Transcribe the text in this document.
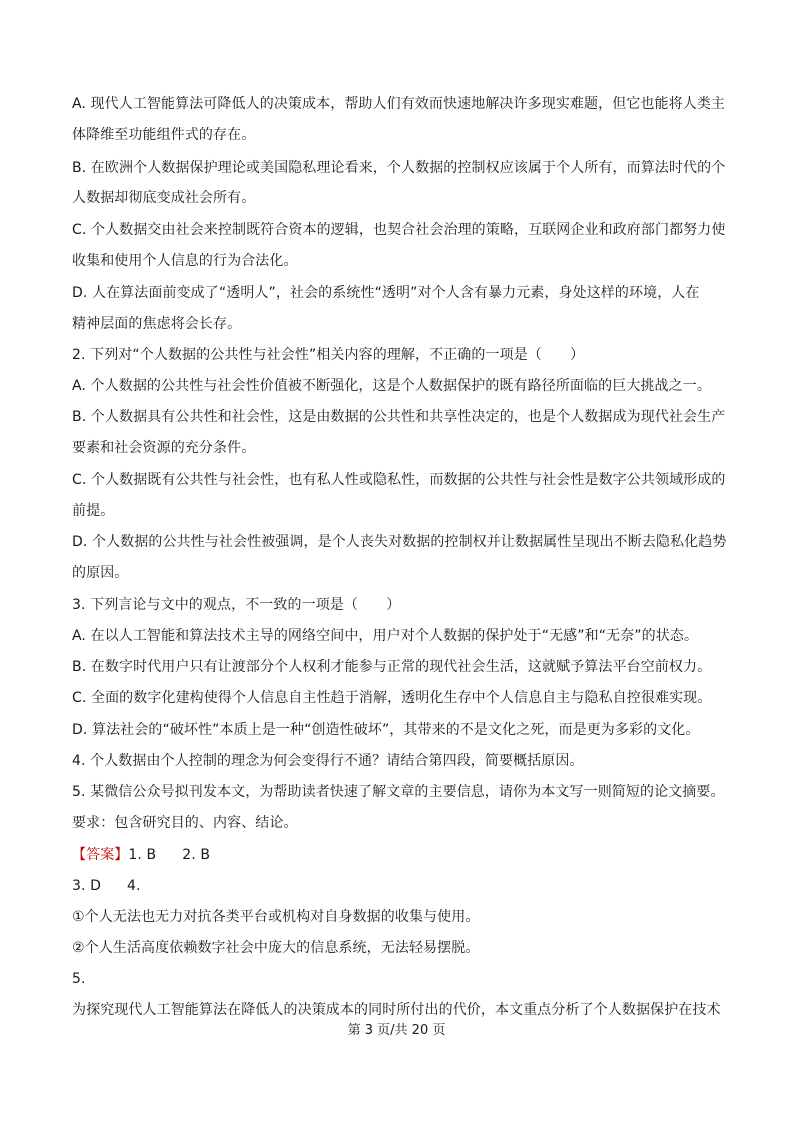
A. 现代人工智能算法可降低人的决策成本，帮助人们有效而快速地解决许多现实难题，但它也能将人类主
体降维至功能组件式的存在。
B. 在欧洲个人数据保护理论或美国隐私理论看来，个人数据的控制权应该属于个人所有，而算法时代的个
人数据却彻底变成社会所有。
C. 个人数据交由社会来控制既符合资本的逻辑，也契合社会治理的策略，互联网企业和政府部门都努力使
收集和使用个人信息的行为合法化。
D. 人在算法面前变成了“透明人”，社会的系统性“透明”对个人含有暴力元素，身处这样的环境，人在
精神层面的焦虑将会长存。
2. 下列对“个人数据的公共性与社会性”相关内容的理解，不正确的一项是（　　）
A. 个人数据的公共性与社会性价值被不断强化，这是个人数据保护的既有路径所面临的巨大挑战之一。
B. 个人数据具有公共性和社会性，这是由数据的公共性和共享性决定的，也是个人数据成为现代社会生产
要素和社会资源的充分条件。
C. 个人数据既有公共性与社会性，也有私人性或隐私性，而数据的公共性与社会性是数字公共领域形成的
前提。
D. 个人数据的公共性与社会性被强调，是个人丧失对数据的控制权并让数据属性呈现出不断去隐私化趋势
的原因。
3. 下列言论与文中的观点，不一致的一项是（　　）
A. 在以人工智能和算法技术主导的网络空间中，用户对个人数据的保护处于“无感”和“无奈”的状态。
B. 在数字时代用户只有让渡部分个人权利才能参与正常的现代社会生活，这就赋予算法平台空前权力。
C. 全面的数字化建构使得个人信息自主性趋于消解，透明化生存中个人信息自主与隐私自控很难实现。
D. 算法社会的“破坏性”本质上是一种“创造性破坏”，其带来的不是文化之死，而是更为多彩的文化。
4. 个人数据由个人控制的理念为何会变得行不通？请结合第四段，简要概括原因。
5. 某微信公众号拟刊发本文，为帮助读者快速了解文章的主要信息，请你为本文写一则简短的论文摘要。
要求：包含研究目的、内容、结论。
【答案】1. B 2. B
3. D 4.
①个人无法也无力对抗各类平台或机构对自身数据的收集与使用。
②个人生活高度依赖数字社会中庞大的信息系统，无法轻易摆脱。
5.
为探究现代人工智能算法在降低人的决策成本的同时所付出的代价，本文重点分析了个人数据保护在技术
第 3 页/共 20 页
